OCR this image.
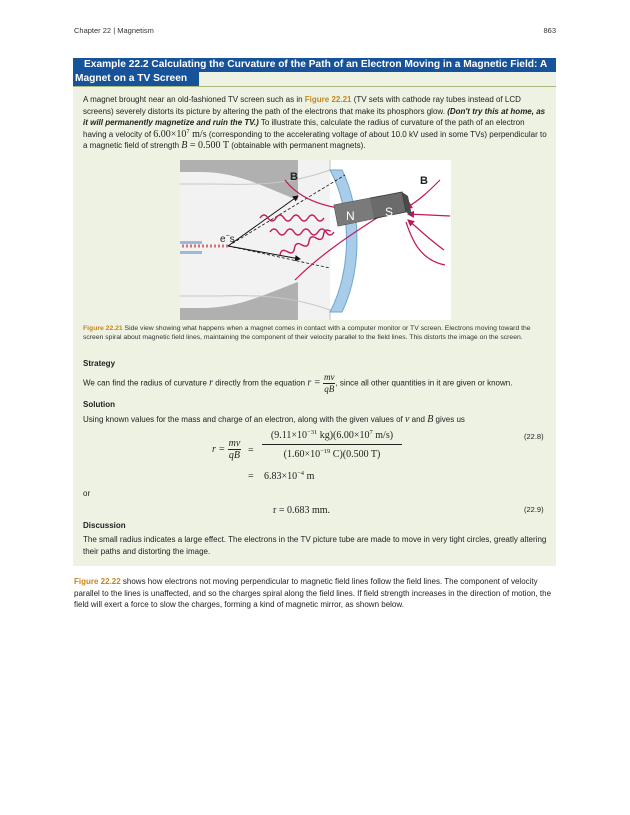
Chapter 22 | Magnetism	863
Example 22.2 Calculating the Curvature of the Path of an Electron Moving in a Magnetic Field: A
Magnet on a TV Screen
A magnet brought near an old-fashioned TV screen such as in Figure 22.21 (TV sets with cathode ray tubes instead of LCD screens) severely distorts its picture by altering the path of the electrons that make its phosphors glow. (Don't try this at home, as it will permanently magnetize and ruin the TV.) To illustrate this, calculate the radius of curvature of the path of an electron having a velocity of $6.00\times 10^7$ m/s (corresponding to the accelerating voltage of about 10.0 kV used in some TVs) perpendicular to a magnetic field of strength B = 0.500 T (obtainable with permanent magnets).
N	S
B	B
e−s
Figure 22.21 Side view showing what happens when a magnet comes in contact with a computer monitor or TV screen. Electrons moving toward the screen spiral about magnetic field lines, maintaining the component of their velocity parallel to the field lines. This distorts the image on the screen.
Strategy
We can find the radius of curvature r directly from the equation $r = \frac{mv}{qB}$ , since all other quantities in it are given or known.
Solution
Using known values for the mass and charge of an electron, along with the given values of v and B gives us
$r = \frac{mv}{qB}$ =
($9.11\times 10^{-31}$ $kg)(6.00\times 10^7$ m/s)
($1.60\times 10^{-19}$ C)(0.500 T)
(22.8)
= $6.83\times 10^{-4}$ m
or
r = 0.683 mm.	(22.9)
Discussion
The small radius indicates a large effect. The electrons in the TV picture tube are made to move in very tight circles, greatly altering their paths and distorting the image.
Figure 22.22 shows how electrons not moving perpendicular to magnetic field lines follow the field lines. The component of velocity parallel to the lines is unaffected, and so the charges spiral along the field lines. If field strength increases in the direction of motion, the field will exert a force to slow the charges, forming a kind of magnetic mirror, as shown below.
